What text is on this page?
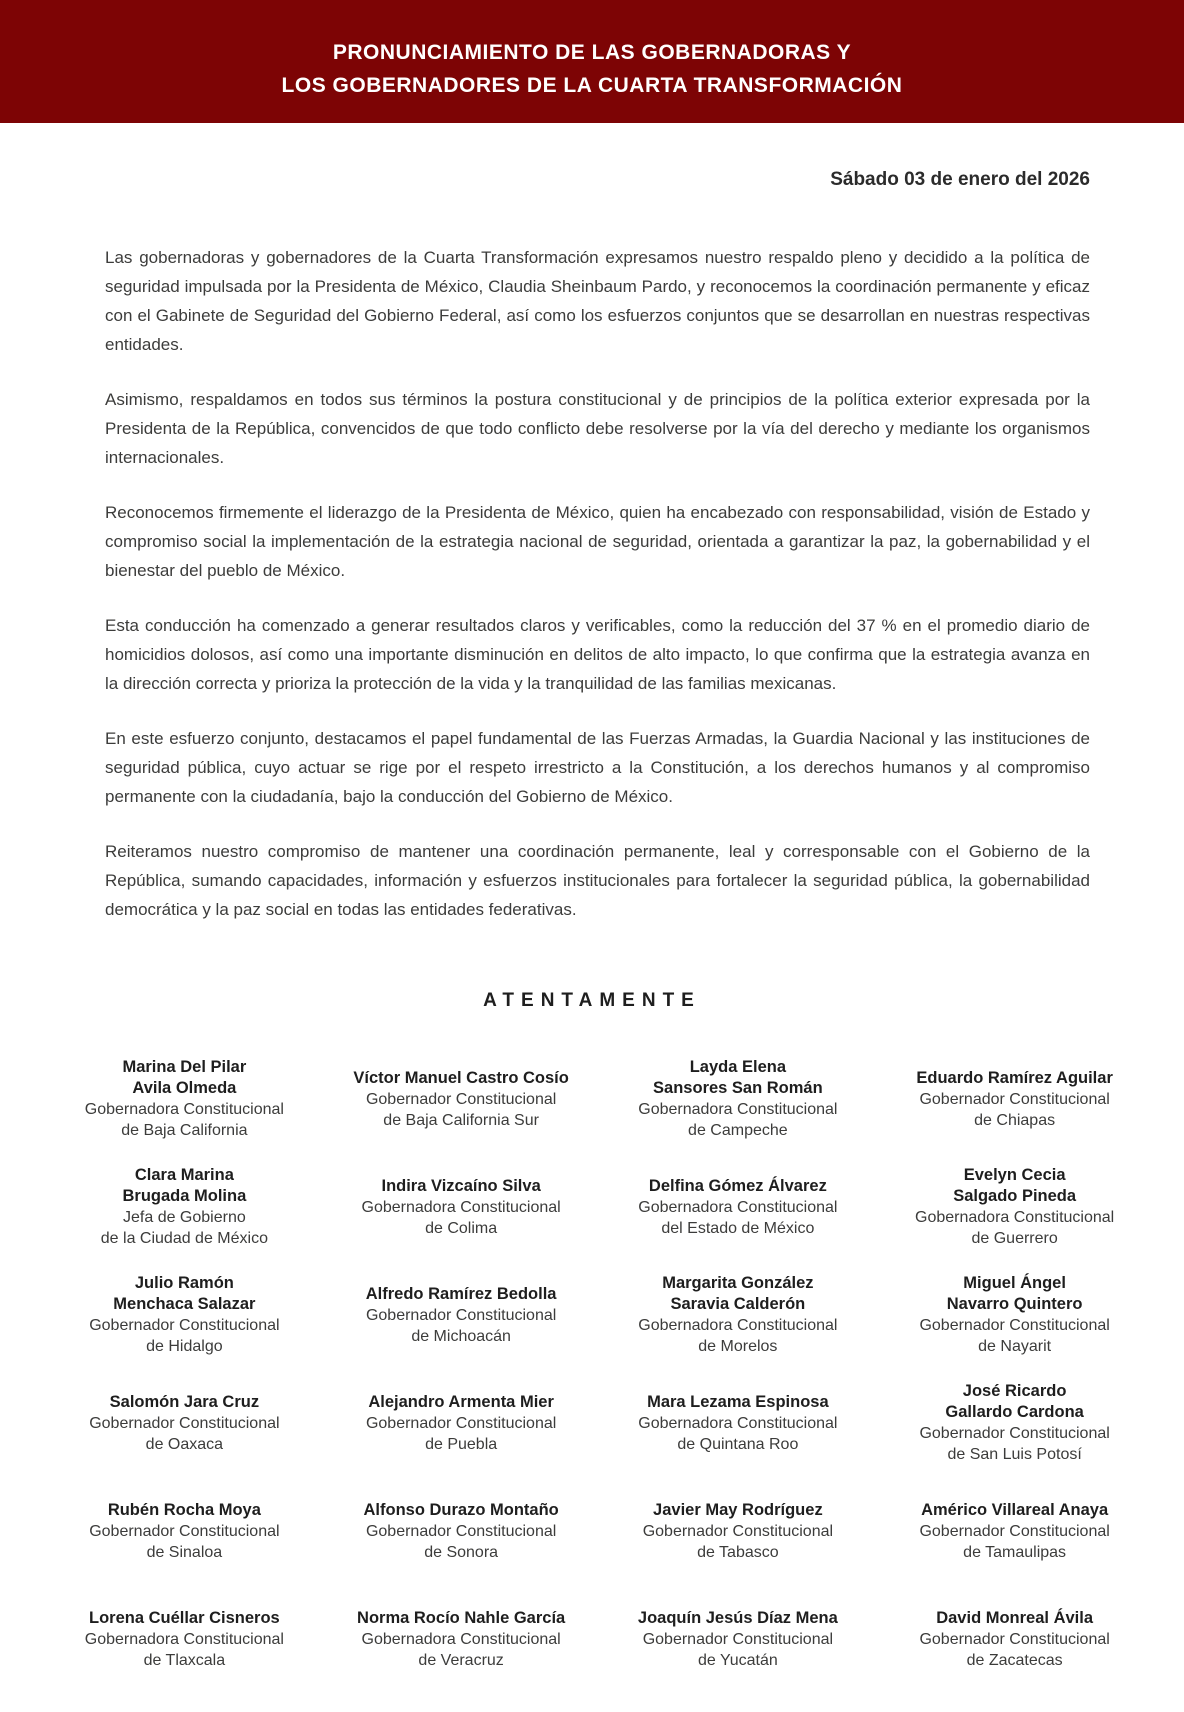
PRONUNCIAMIENTO DE LAS GOBERNADORAS Y
LOS GOBERNADORES DE LA CUARTA TRANSFORMACIÓN
Sábado 03 de enero del 2026

Las gobernadoras y gobernadores de la Cuarta Transformación expresamos nuestro respaldo pleno y decidido a la política de seguridad impulsada por la Presidenta de México, Claudia Sheinbaum Pardo, y reconocemos la coordinación permanente y eficaz con el Gabinete de Seguridad del Gobierno Federal, así como los esfuerzos conjuntos que se desarrollan en nuestras respectivas entidades.

Asimismo, respaldamos en todos sus términos la postura constitucional y de principios de la política exterior expresada por la Presidenta de la República, convencidos de que todo conflicto debe resolverse por la vía del derecho y mediante los organismos internacionales.

Reconocemos firmemente el liderazgo de la Presidenta de México, quien ha encabezado con responsabilidad, visión de Estado y compromiso social la implementación de la estrategia nacional de seguridad, orientada a garantizar la paz, la gobernabilidad y el bienestar del pueblo de México.

Esta conducción ha comenzado a generar resultados claros y verificables, como la reducción del 37 % en el promedio diario de homicidios dolosos, así como una importante disminución en delitos de alto impacto, lo que confirma que la estrategia avanza en la dirección correcta y prioriza la protección de la vida y la tranquilidad de las familias mexicanas.

En este esfuerzo conjunto, destacamos el papel fundamental de las Fuerzas Armadas, la Guardia Nacional y las instituciones de seguridad pública, cuyo actuar se rige por el respeto irrestricto a la Constitución, a los derechos humanos y al compromiso permanente con la ciudadanía, bajo la conducción del Gobierno de México.

Reiteramos nuestro compromiso de mantener una coordinación permanente, leal y corresponsable con el Gobierno de la República, sumando capacidades, información y esfuerzos institucionales para fortalecer la seguridad pública, la gobernabilidad democrática y la paz social en todas las entidades federativas.

ATENTAMENTE
Marina Del Pilar
Avila Olmeda
Gobernadora Constitucional
de Baja California
Víctor Manuel Castro Cosío
Gobernador Constitucional
de Baja California Sur
Layda Elena
Sansores San Román
Gobernadora Constitucional
de Campeche
Eduardo Ramírez Aguilar
Gobernador Constitucional
de Chiapas
Clara Marina
Brugada Molina
Jefa de Gobierno
de la Ciudad de México
Indira Vizcaíno Silva
Gobernadora Constitucional
de Colima
Delfina Gómez Álvarez
Gobernadora Constitucional
del Estado de México
Evelyn Cecia
Salgado Pineda
Gobernadora Constitucional
de Guerrero
Julio Ramón
Menchaca Salazar
Gobernador Constitucional
de Hidalgo
Alfredo Ramírez Bedolla
Gobernador Constitucional
de Michoacán
Margarita González
Saravia Calderón
Gobernadora Constitucional
de Morelos
Miguel Ángel
Navarro Quintero
Gobernador Constitucional
de Nayarit
Salomón Jara Cruz
Gobernador Constitucional
de Oaxaca
Alejandro Armenta Mier
Gobernador Constitucional
de Puebla
Mara Lezama Espinosa
Gobernadora Constitucional
de Quintana Roo
José Ricardo
Gallardo Cardona
Gobernador Constitucional
de San Luis Potosí
Rubén Rocha Moya
Gobernador Constitucional
de Sinaloa
Alfonso Durazo Montaño
Gobernador Constitucional
de Sonora
Javier May Rodríguez
Gobernador Constitucional
de Tabasco
Américo Villareal Anaya
Gobernador Constitucional
de Tamaulipas
Lorena Cuéllar Cisneros
Gobernadora Constitucional
de Tlaxcala
Norma Rocío Nahle García
Gobernadora Constitucional
de Veracruz
Joaquín Jesús Díaz Mena
Gobernador Constitucional
de Yucatán
David Monreal Ávila
Gobernador Constitucional
de Zacatecas
